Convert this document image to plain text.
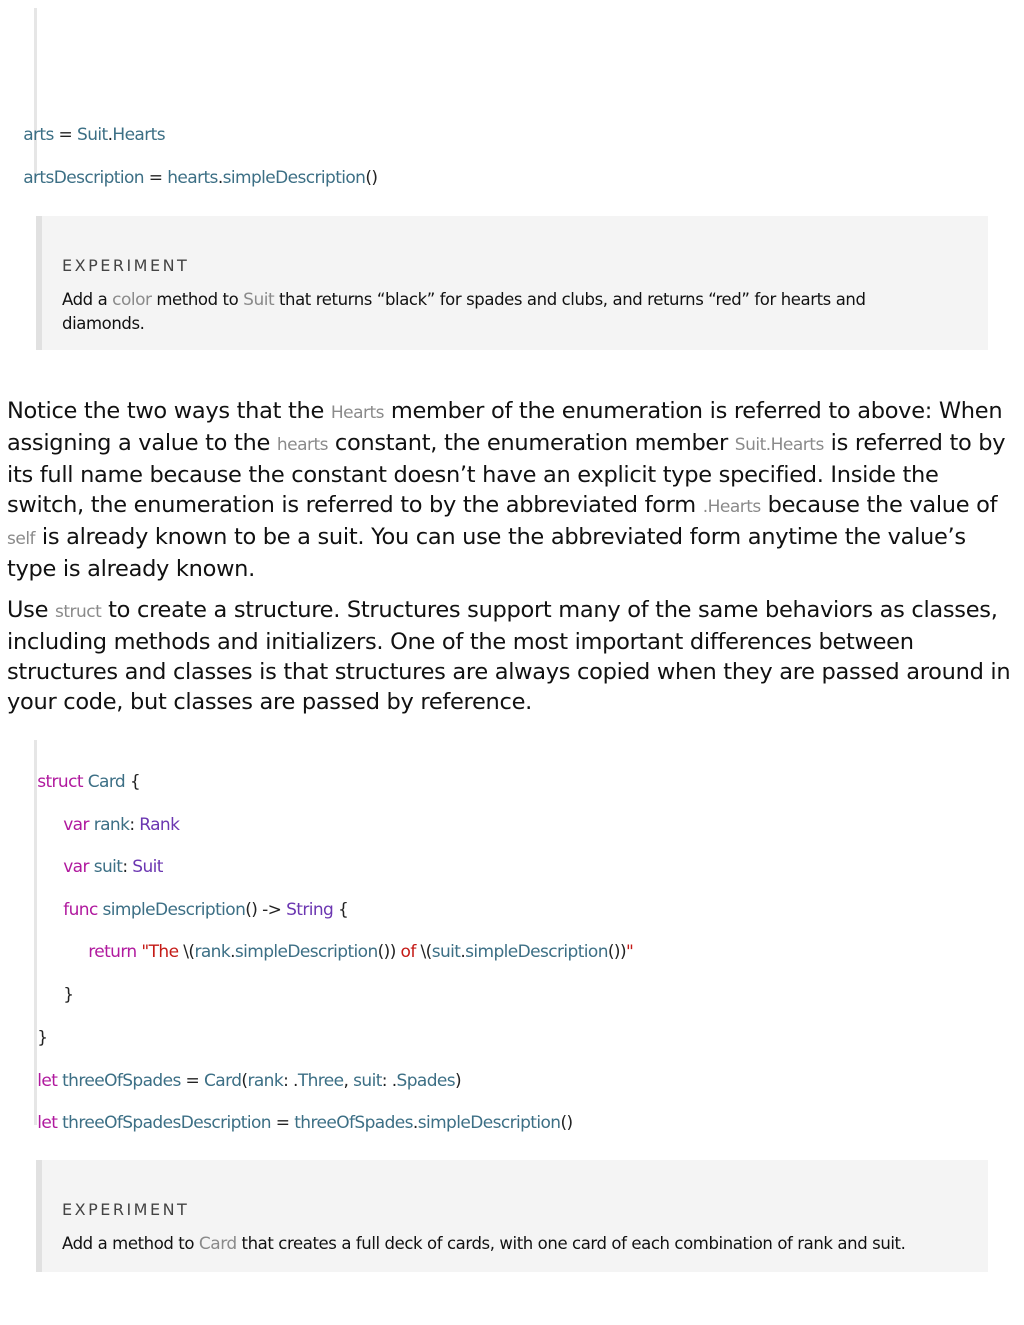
arts = Suit.Hearts

artsDescription = hearts.simpleDescription()

EXPERIMENT
Add a color method to Suit that returns “black” for spades and clubs, and returns “red” for hearts and diamonds.
Notice the two ways that the Hearts member of the enumeration is referred to above: When assigning a value to the hearts constant, the enumeration member Suit.Hearts is referred to by its full name because the constant doesn’t have an explicit type specified. Inside the switch, the enumeration is referred to by the abbreviated form .Hearts because the value of self is already known to be a suit. You can use the abbreviated form anytime the value’s type is already known.
Use struct to create a structure. Structures support many of the same behaviors as classes, including methods and initializers. One of the most important differences between structures and classes is that structures are always copied when they are passed around in your code, but classes are passed by reference.

struct Card {

var rank: Rank

var suit: Suit

func simpleDescription() -> String {

return "The \(rank.simpleDescription()) of \(suit.simpleDescription())"

}

}

let threeOfSpades = Card(rank: .Three, suit: .Spades)

let threeOfSpadesDescription = threeOfSpades.simpleDescription()

EXPERIMENT
Add a method to Card that creates a full deck of cards, with one card of each combination of rank and suit.
